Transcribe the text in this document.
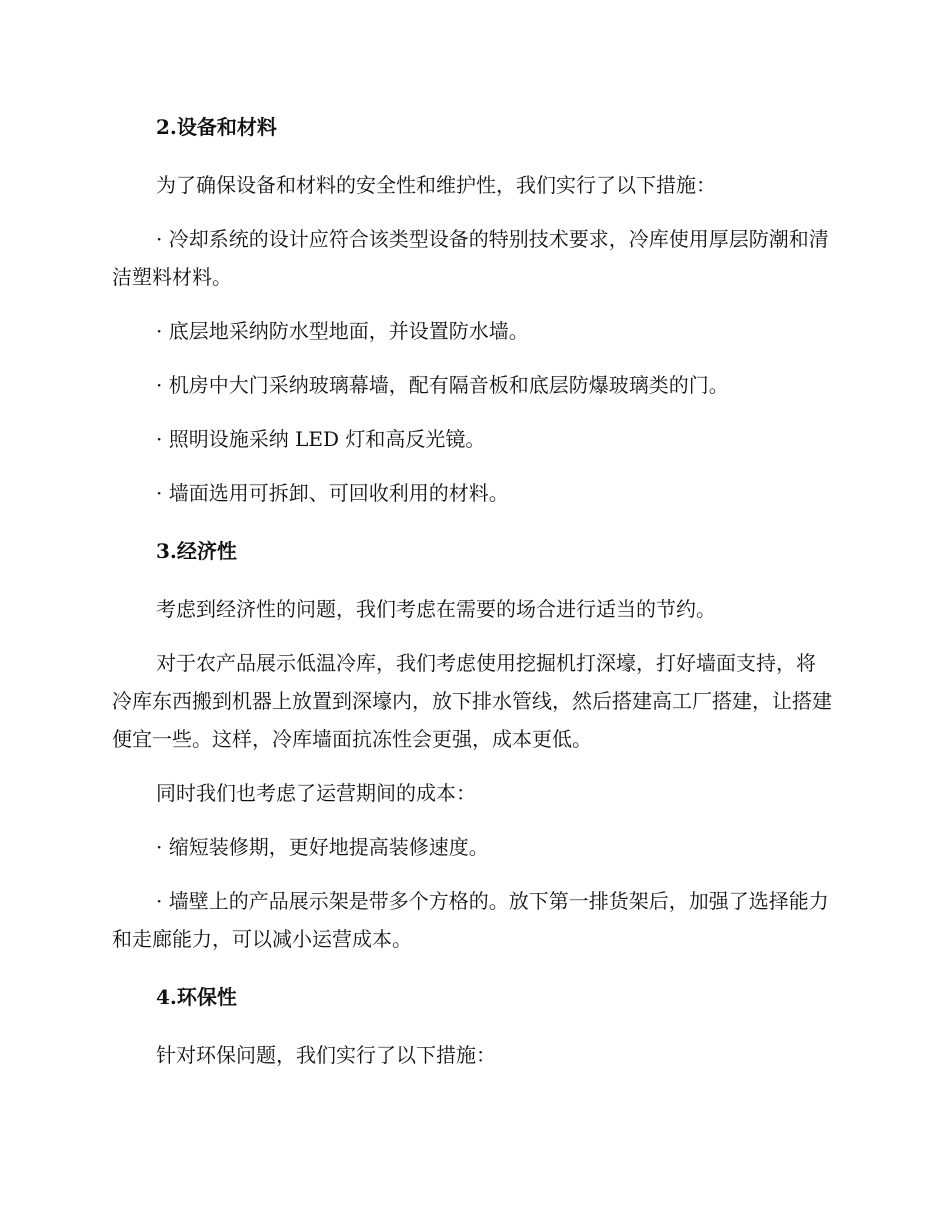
2.设备和材料

为了确保设备和材料的安全性和维护性，我们实行了以下措施：

· 冷却系统的设计应符合该类型设备的特别技术要求，冷库使用厚层防潮和清洁塑料材料。

· 底层地采纳防水型地面，并设置防水墙。

· 机房中大门采纳玻璃幕墙，配有隔音板和底层防爆玻璃类的门。

· 照明设施采纳 LED 灯和高反光镜。

· 墙面选用可拆卸、可回收利用的材料。

3.经济性

考虑到经济性的问题，我们考虑在需要的场合进行适当的节约。

对于农产品展示低温冷库，我们考虑使用挖掘机打深壕，打好墙面支持，将冷库东西搬到机器上放置到深壕内，放下排水管线，然后搭建高工厂搭建，让搭建便宜一些。这样，冷库墙面抗冻性会更强，成本更低。

同时我们也考虑了运营期间的成本：

· 缩短装修期，更好地提高装修速度。

· 墙壁上的产品展示架是带多个方格的。放下第一排货架后，加强了选择能力和走廊能力，可以减小运营成本。

4.环保性

针对环保问题，我们实行了以下措施：
